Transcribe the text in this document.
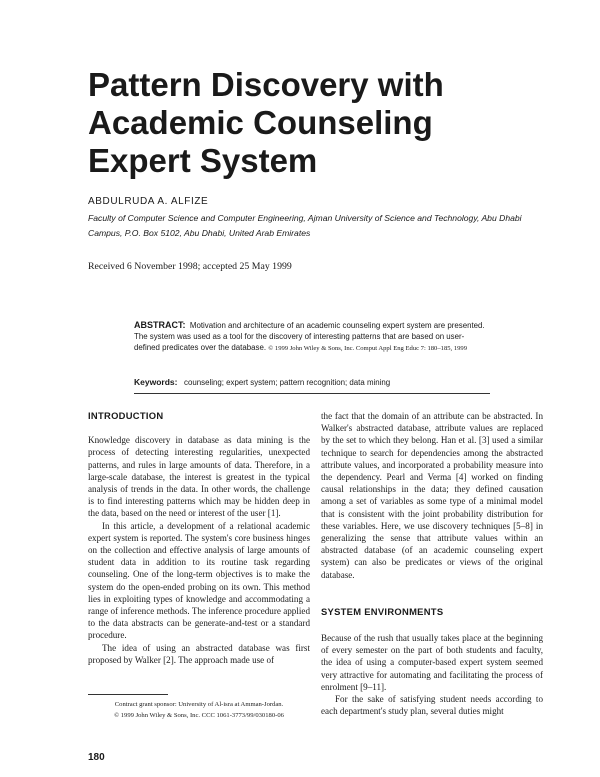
Pattern Discovery with
Academic Counseling
Expert System
ABDULRUDA A. ALFIZE
Faculty of Computer Science and Computer Engineering, Ajman University of Science and Technology, Abu Dhabi
Campus, P.O. Box 5102, Abu Dhabi, United Arab Emirates
Received 6 November 1998; accepted 25 May 1999
ABSTRACT: Motivation and architecture of an academic counseling expert system are presented. The system was used as a tool for the discovery of interesting patterns that are based on user-defined predicates over the database. © 1999 John Wiley & Sons, Inc. Comput Appl Eng Educ 7: 180–185, 1999
Keywords: counseling; expert system; pattern recognition; data mining
INTRODUCTION

Knowledge discovery in database as data mining is the process of detecting interesting regularities, unexpected patterns, and rules in large amounts of data. Therefore, in a large-scale database, the interest is greatest in the typical analysis of trends in the data. In other words, the challenge is to find interesting patterns which may be hidden deep in the data, based on the need or interest of the user [1].

In this article, a development of a relational academic expert system is reported. The system's core business hinges on the collection and effective analysis of large amounts of student data in addition to its routine task regarding counseling. One of the long-term objectives is to make the system do the open-ended probing on its own. This method lies in exploiting types of knowledge and accommodating a range of inference methods. The inference procedure applied to the data abstracts can be generate-and-test or a standard procedure.

The idea of using an abstracted database was first proposed by Walker [2]. The approach made use of

the fact that the domain of an attribute can be abstracted. In Walker's abstracted database, attribute values are replaced by the set to which they belong. Han et al. [3] used a similar technique to search for dependencies among the abstracted attribute values, and incorporated a probability measure into the dependency. Pearl and Verma [4] worked on finding causal relationships in the data; they defined causation among a set of variables as some type of a minimal model that is consistent with the joint probability distribution for these variables. Here, we use discovery techniques [5–8] in generalizing the sense that attribute values within an abstracted database (of an academic counseling expert system) can also be predicates or views of the original database.

SYSTEM ENVIRONMENTS

Because of the rush that usually takes place at the beginning of every semester on the part of both students and faculty, the idea of using a computer-based expert system seemed very attractive for automating and facilitating the process of enrolment [9–11].

For the sake of satisfying student needs according to each department's study plan, several duties might

Contract grant sponsor: University of Al-isra at Amman-Jordan.
© 1999 John Wiley & Sons, Inc. CCC 1061-3773/99/030180-06
180
